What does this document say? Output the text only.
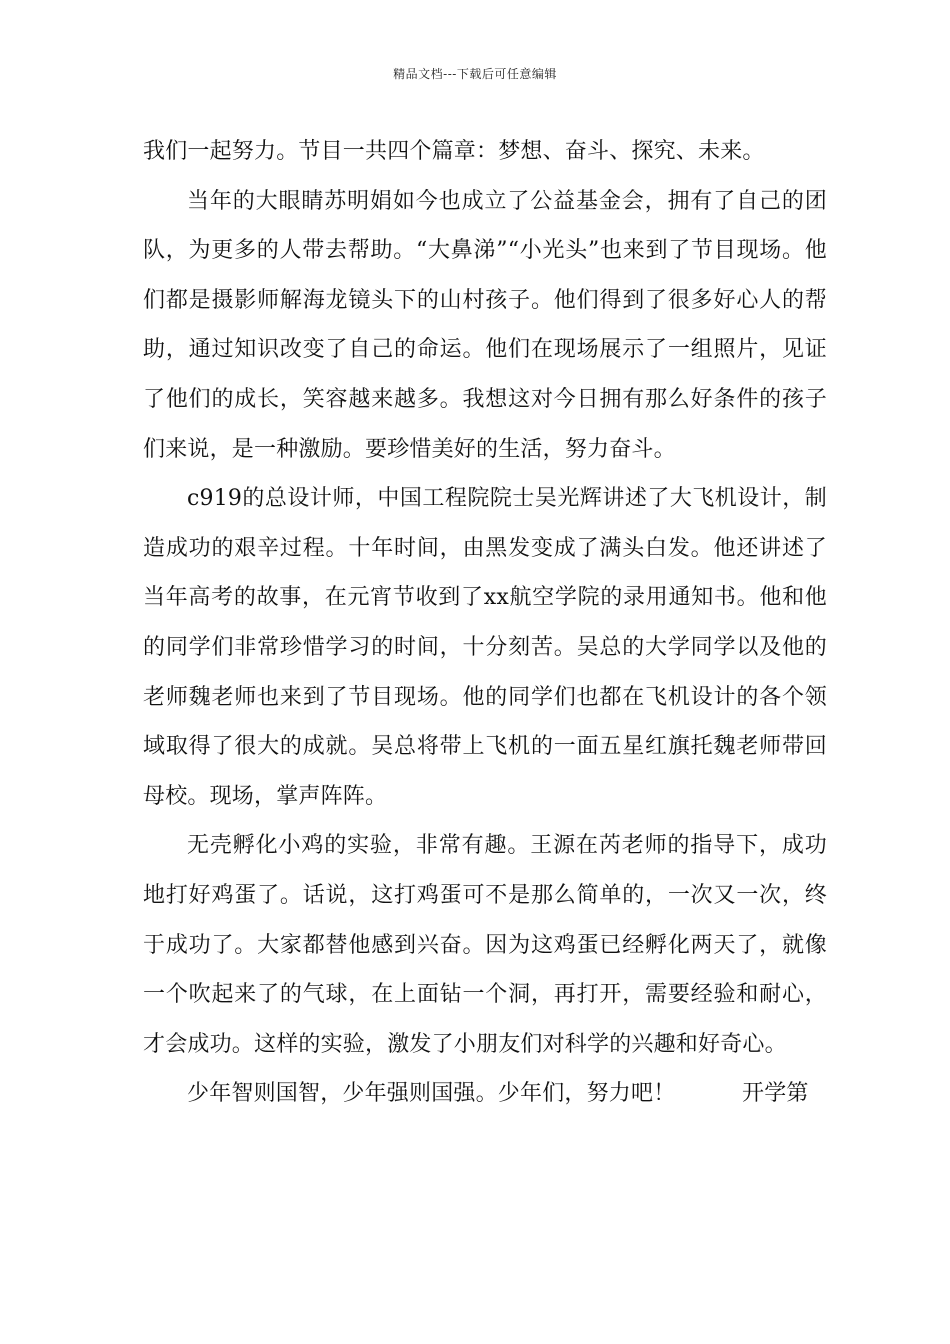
精品文档---下载后可任意编辑

我们一起努力。节目一共四个篇章：梦想、奋斗、探究、未来。

当年的大眼睛苏明娟如今也成立了公益基金会，拥有了自己的团队，为更多的人带去帮助。“大鼻涕”“小光头”也来到了节目现场。他们都是摄影师解海龙镜头下的山村孩子。他们得到了很多好心人的帮助，通过知识改变了自己的命运。他们在现场展示了一组照片，见证了他们的成长，笑容越来越多。我想这对今日拥有那么好条件的孩子们来说，是一种激励。要珍惜美好的生活，努力奋斗。

c919的总设计师，中国工程院院士吴光辉讲述了大飞机设计，制造成功的艰辛过程。十年时间，由黑发变成了满头白发。他还讲述了当年高考的故事，在元宵节收到了xx航空学院的录用通知书。他和他的同学们非常珍惜学习的时间，十分刻苦。吴总的大学同学以及他的老师魏老师也来到了节目现场。他的同学们也都在飞机设计的各个领域取得了很大的成就。吴总将带上飞机的一面五星红旗托魏老师带回母校。现场，掌声阵阵。

无壳孵化小鸡的实验，非常有趣。王源在芮老师的指导下，成功地打好鸡蛋了。话说，这打鸡蛋可不是那么简单的，一次又一次，终于成功了。大家都替他感到兴奋。因为这鸡蛋已经孵化两天了，就像一个吹起来了的气球，在上面钻一个洞，再打开，需要经验和耐心，才会成功。这样的实验，激发了小朋友们对科学的兴趣和好奇心。

少年智则国智，少年强则国强。少年们，努力吧！　　　开学第
